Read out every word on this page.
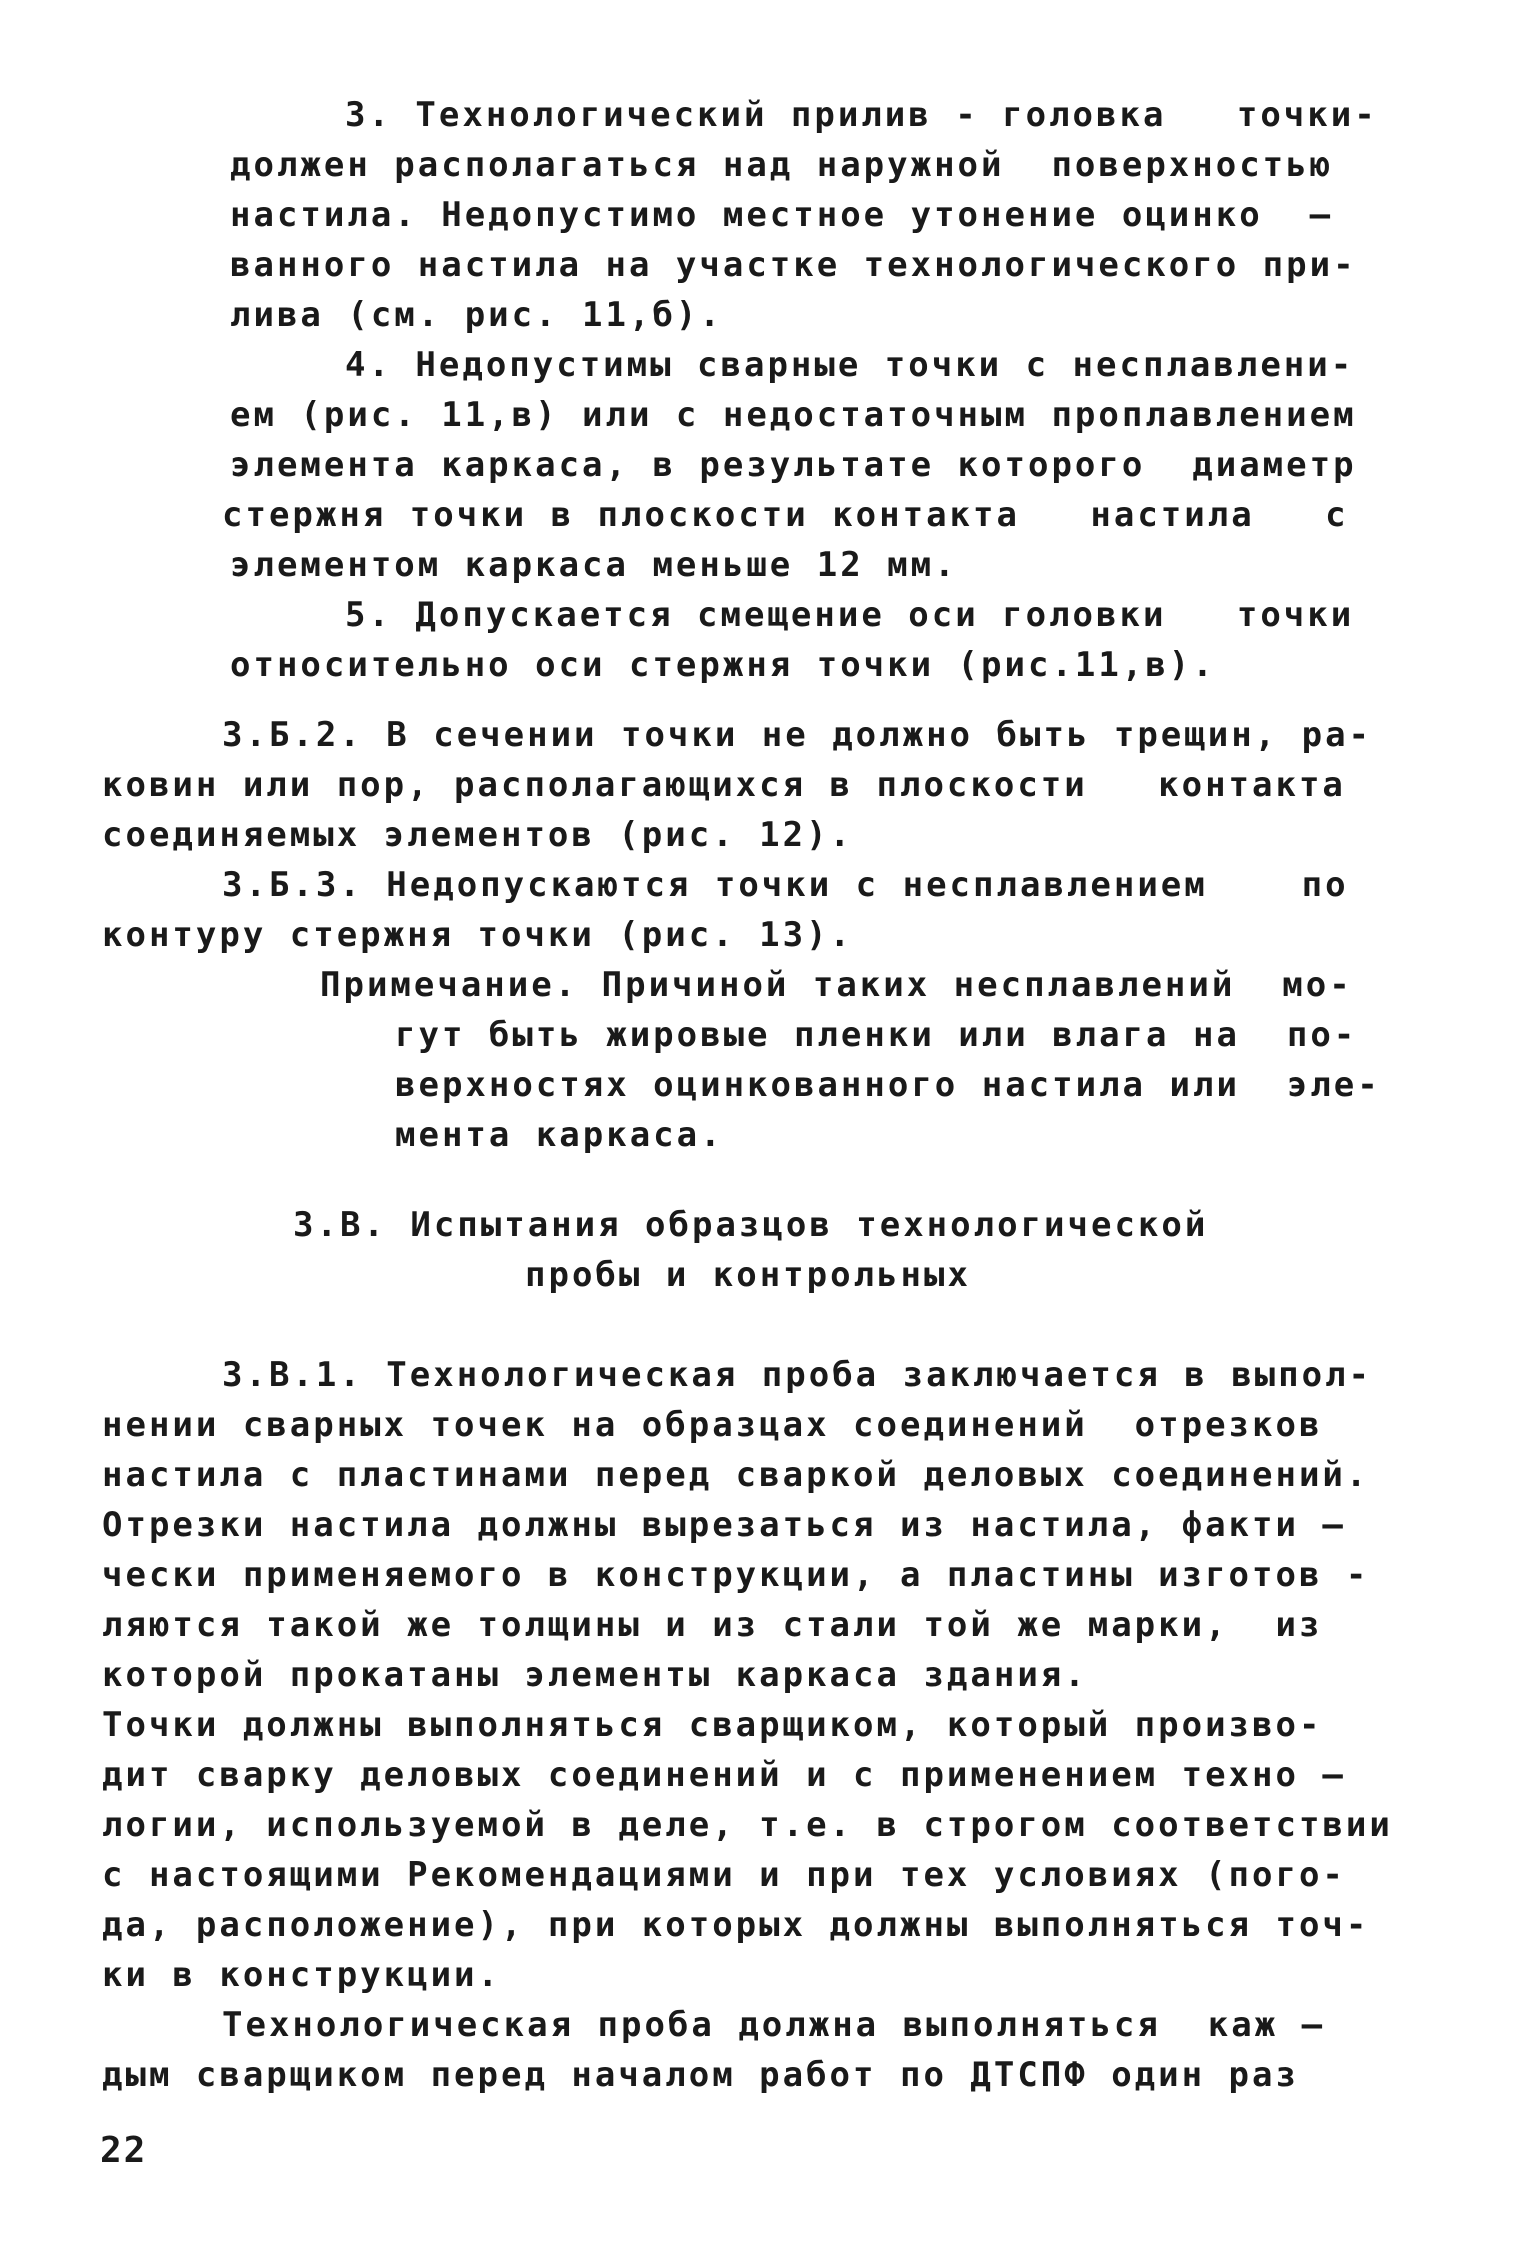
3. Технологический прилив - головка   точки-
должен располагаться над наружной  поверхностью
настила. Недопустимо местное утонение оцинко  –
ванного настила на участке технологического при-
лива (см. рис. 11,б).
4. Недопустимы сварные точки с несплавлени-
ем (рис. 11,в) или с недостаточным проплавлением
элемента каркаса, в результате которого  диаметр
стержня точки в плоскости контакта   настила   с
элементом каркаса меньше 12 мм.
5. Допускается смещение оси головки   точки
относительно оси стержня точки (рис.11,в).
3.Б.2. В сечении точки не должно быть трещин, ра-
ковин или пор, располагающихся в плоскости   контакта
соединяемых элементов (рис. 12).
3.Б.3. Недопускаются точки с несплавлением    по
контуру стержня точки (рис. 13).
Примечание. Причиной таких несплавлений  мо-
гут быть жировые пленки или влага на  по-
верхностях оцинкованного настила или  эле-
мента каркаса.
3.В. Испытания образцов технологической
пробы и контрольных
3.В.1. Технологическая проба заключается в выпол-
нении сварных точек на образцах соединений  отрезков
настила с пластинами перед сваркой деловых соединений.
Отрезки настила должны вырезаться из настила, факти –
чески применяемого в конструкции, а пластины изготов -
ляются такой же толщины и из стали той же марки,  из
которой прокатаны элементы каркаса здания.
Точки должны выполняться сварщиком, который произво-
дит сварку деловых соединений и с применением техно –
логии, используемой в деле, т.е. в строгом соответствии
с настоящими Рекомендациями и при тех условиях (пого-
да, расположение), при которых должны выполняться точ-
ки в конструкции.
Технологическая проба должна выполняться  каж –
дым сварщиком перед началом работ по ДТСПФ один раз
22
